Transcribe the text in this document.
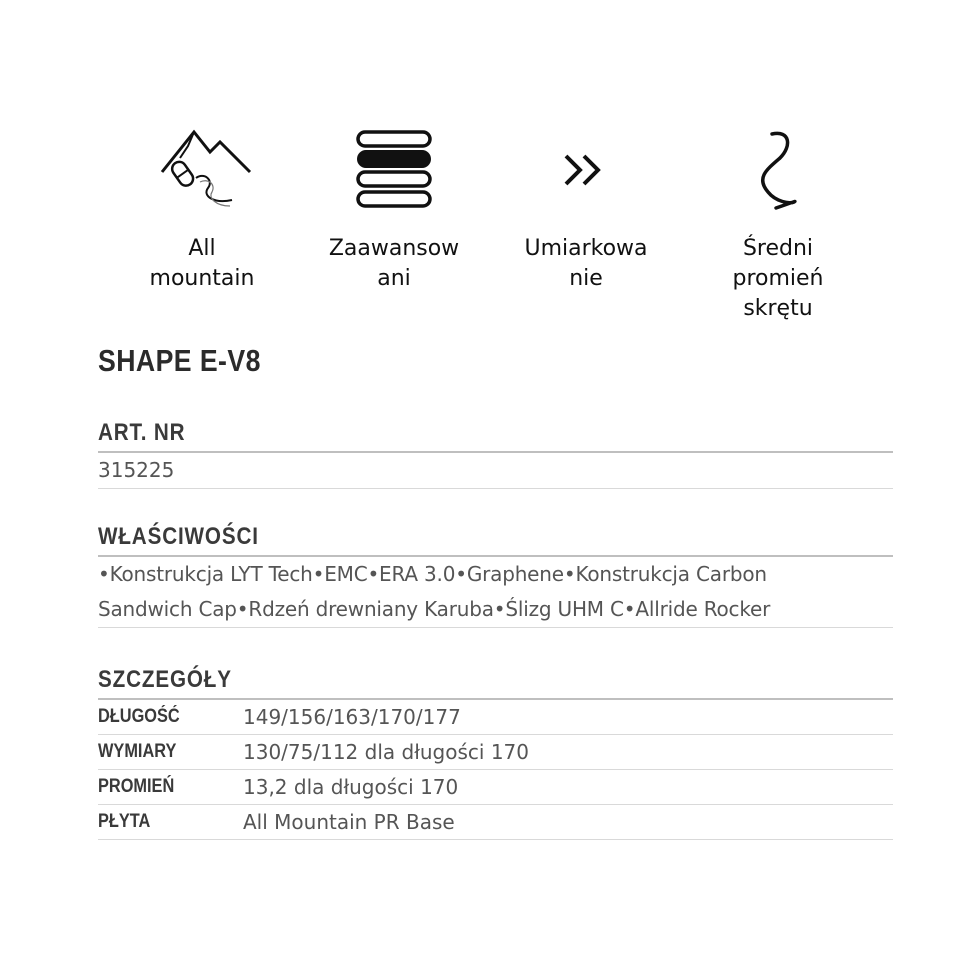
All
mountain
Zaawansow
ani
Umiarkowa
nie
Średni
promień
skrętu
SHAPE E-V8
ART. NR
315225
WŁAŚCIWOŚCI
•Konstrukcja LYT Tech•EMC•ERA 3.0•Graphene•Konstrukcja Carbon
Sandwich Cap•Rdzeń drewniany Karuba•Ślizg UHM C•Allride Rocker
SZCZEGÓŁY
DŁUGOŚĆ	149/156/163/170/177
WYMIARY	130/75/112 dla długości 170
PROMIEŃ	13,2 dla długości 170
PŁYTA	All Mountain PR Base
